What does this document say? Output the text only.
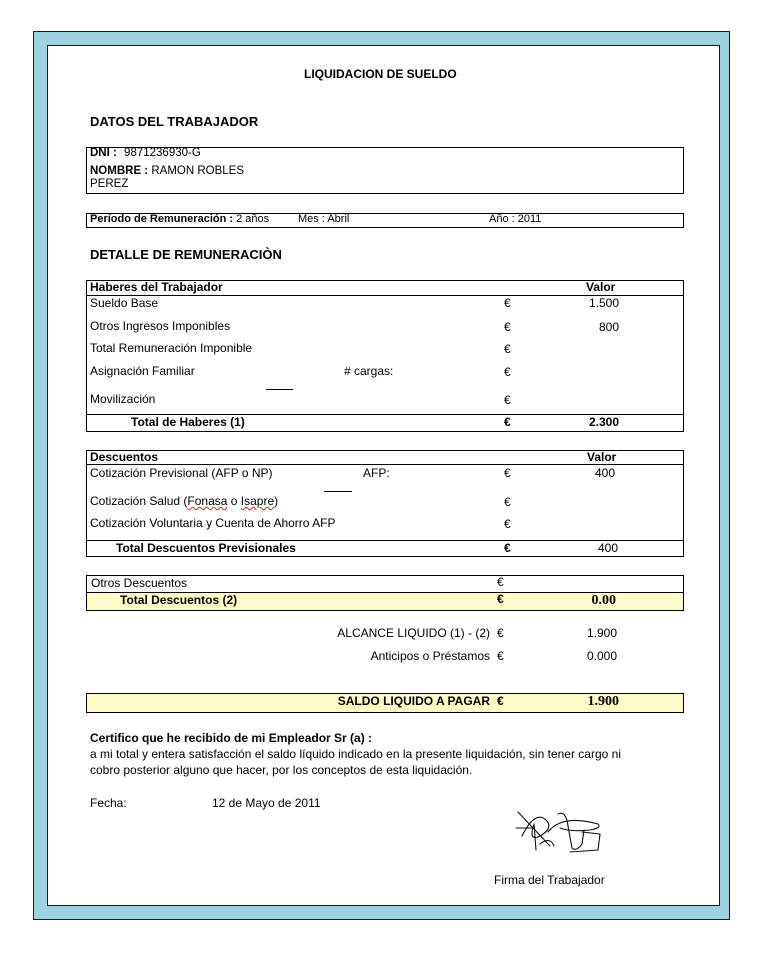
LIQUIDACION DE SUELDO
DATOS DEL TRABAJADOR
DNI : 9871236930-G
NOMBRE : RAMON ROBLES
PEREZ
Período de Remuneración : 2 años	Mes : Abril	Año : 2011
DETALLE DE REMUNERACIÒN
Haberes del Trabajador	Valor
Sueldo Base	€	1.500
Otros Ingresos Imponibles	€	800
Total Remuneración Imponible	€
Asignación Familiar	# cargas:	€
Movilización	€
Total de Haberes (1)	€	2.300
Descuentos	Valor
Cotización Previsional (AFP o NP)	AFP:	€	400
Cotización Salud (Fonasa o Isapre)	€
Cotización Voluntaria y Cuenta de Ahorro AFP	€
Total Descuentos Previsionales	€	400
Otros Descuentos	€
Total Descuentos (2)	€	0.00
ALCANCE LIQUIDO (1) - (2) €	1.900
Anticipos o Préstamos €	0.000
SALDO LIQUIDO A PAGAR €	1.900
Certifico que he recibido de mi Empleador Sr (a) :
a mi total y entera satisfacción el saldo líquido indicado en la presente liquidación, sin tener cargo ni
cobro posterior alguno que hacer, por los conceptos de esta liquidación.
Fecha:	12 de Mayo de 2011
Firma del Trabajador
